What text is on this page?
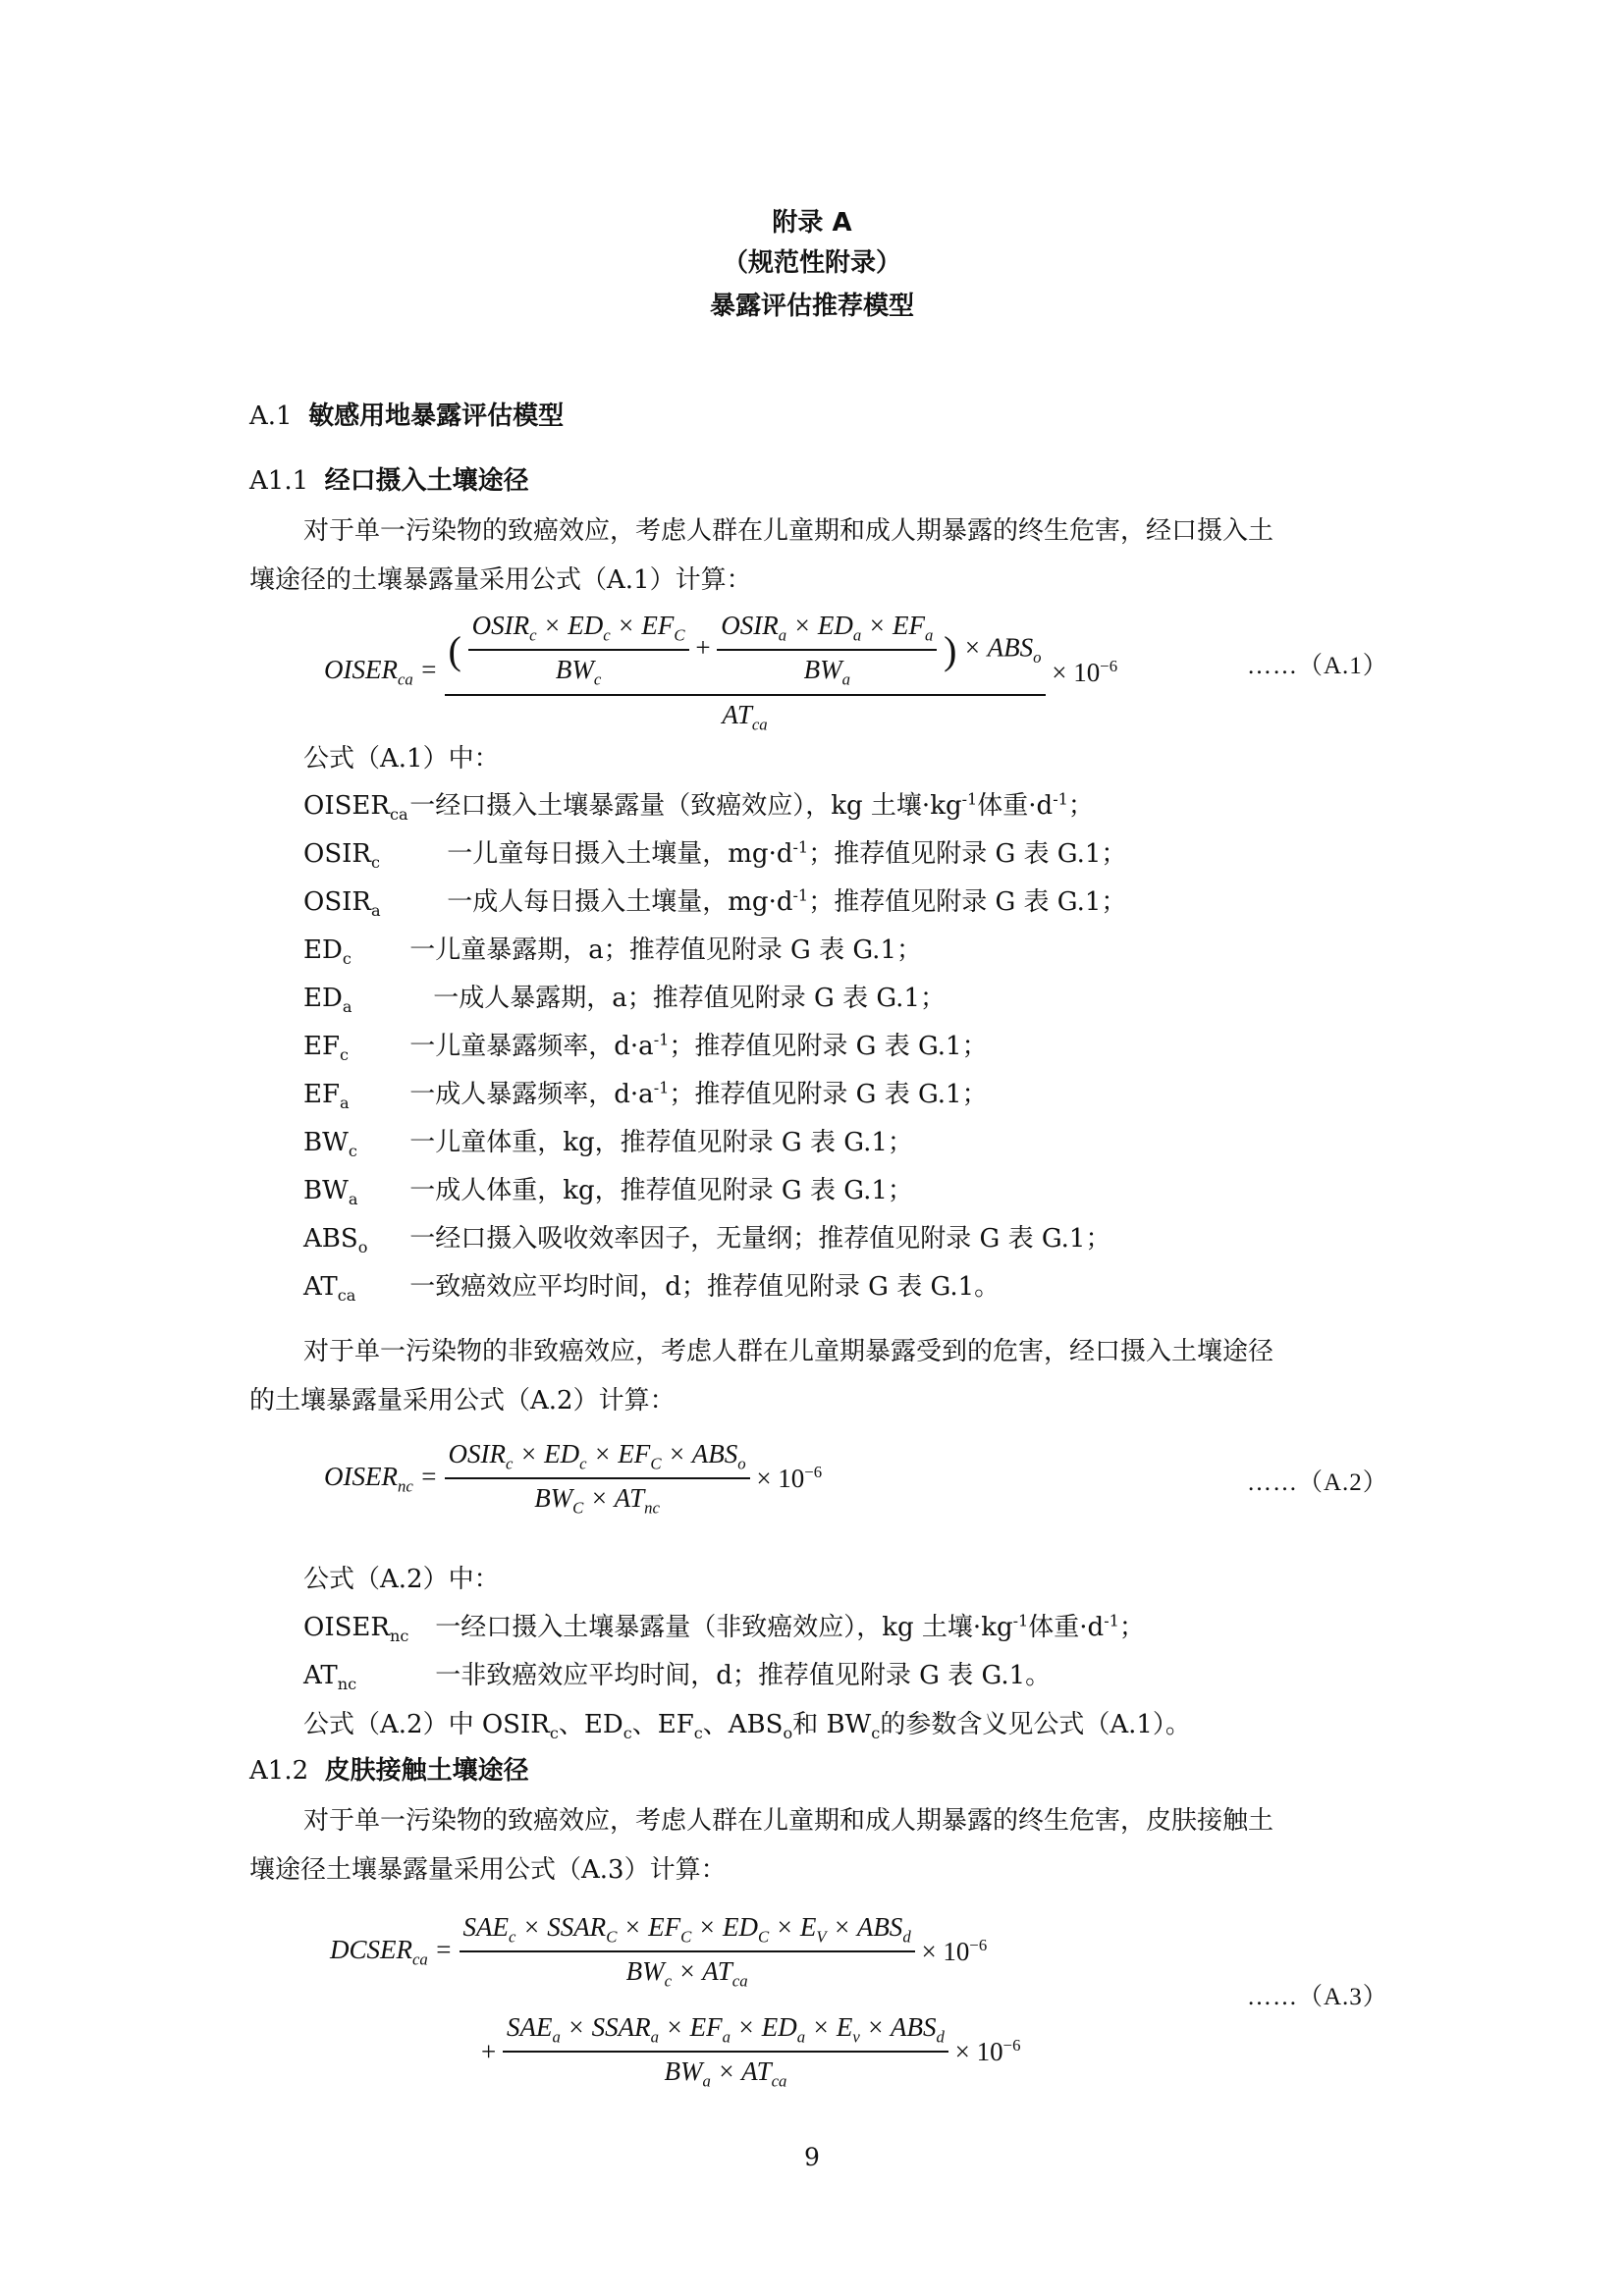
附录 A
（规范性附录）
暴露评估推荐模型
A.1 敏感用地暴露评估模型
A1.1 经口摄入土壤途径
对于单一污染物的致癌效应，考虑人群在儿童期和成人期暴露的终生危害，经口摄入土
壤途径的土壤暴露量采用公式（A.1）计算：
$OISER_{ca}$ = ( $\frac{OSIR_c \times ED_c \times EF_C}{BW_c} + \frac{OSIR_a \times ED_a \times EF_a}{BW_a}$ ) × $ABS_o$
$AT_{ca}$
× $10^{-6}$	……（A.1）
公式（A.1）中：
$OISER_{ca}$ 一经口摄入土壤暴露量（致癌效应），kg 土壤$\cdot kg^{-1}$体重$\cdot d^{-1}$；
$OSIR_c$	一儿童每日摄入土壤量，$mg\cdot d^{-1}$；推荐值见附录 G 表 G.1；
$OSIR_a$	一成人每日摄入土壤量，$mg\cdot d^{-1}$；推荐值见附录 G 表 G.1；
$ED_c$ 一儿童暴露期，a；推荐值见附录 G 表 G.1；
$ED_a$	一成人暴露期，a；推荐值见附录 G 表 G.1；
$EF_c$ 一儿童暴露频率，$d\cdot a^{-1}$；推荐值见附录 G 表 G.1；
$EF_a$ 一成人暴露频率，$d\cdot a^{-1}$；推荐值见附录 G 表 G.1；
$BW_c$ 一儿童体重，kg，推荐值见附录 G 表 G.1；
$BW_a$ 一成人体重，kg，推荐值见附录 G 表 G.1；
$ABS_o$ 一经口摄入吸收效率因子，无量纲；推荐值见附录 G 表 G.1；
$AT_{ca}$ 一致癌效应平均时间，d；推荐值见附录 G 表 G.1。
对于单一污染物的非致癌效应，考虑人群在儿童期暴露受到的危害，经口摄入土壤途径
的土壤暴露量采用公式（A.2）计算：
$OISER_{nc} = \frac{OSIR_c \times ED_c \times EF_C \times ABS_o}{BW_C \times AT_{nc}} \times 10^{-6}$	……（A.2）
公式（A.2）中：
$OISER_{nc}$ 一经口摄入土壤暴露量（非致癌效应），kg 土壤$\cdot kg^{-1}$体重$\cdot d^{-1}$；
$AT_{nc}$	一非致癌效应平均时间，d；推荐值见附录 G 表 G.1。
公式（A.2）中 $OSIR_c$、$ED_c$、$EF_c$、$ABS_o$和 $BW_c$的参数含义见公式（A.1）。
A1.2 皮肤接触土壤途径
对于单一污染物的致癌效应，考虑人群在儿童期和成人期暴露的终生危害，皮肤接触土
壤途径土壤暴露量采用公式（A.3）计算：
$DCSER_{ca} = \frac{SAE_c \times SSAR_C \times EF_C \times ED_C \times E_V \times ABS_d}{BW_c \times AT_{ca}} \times 10^{-6}$
……（A.3）
+ $\frac{SAE_a \times SSAR_a \times EF_a \times ED_a \times E_v \times ABS_d}{BW_a \times AT_{ca}} \times 10^{-6}$
9
